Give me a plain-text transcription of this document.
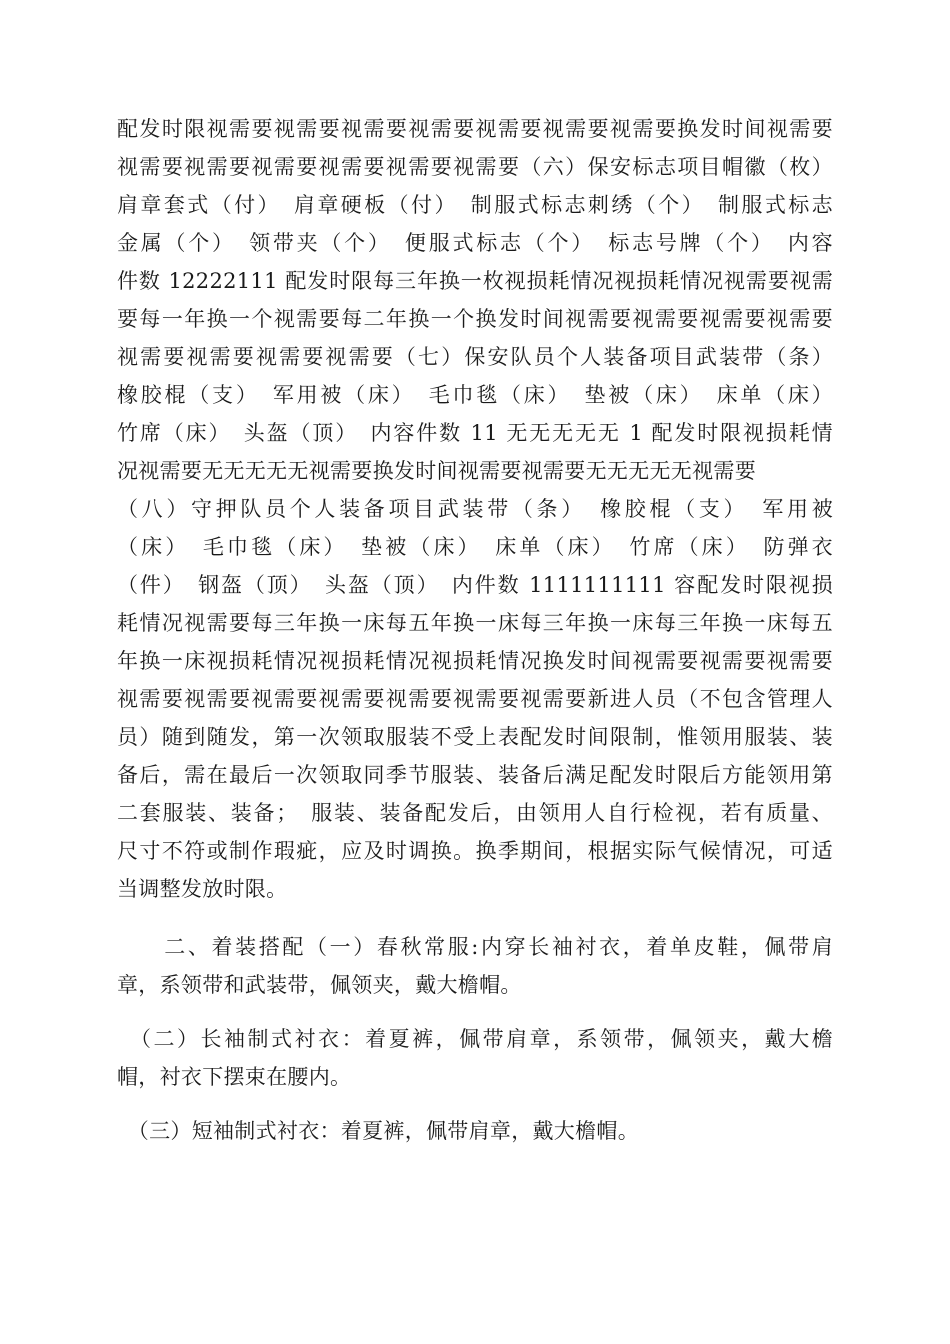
配发时限视需要视需要视需要视需要视需要视需要视需要换发时间视需要
视需要视需要视需要视需要视需要视需要（六）保安标志项目帽徽（枚）
肩章套式（付）　肩章硬板（付）　制服式标志刺绣（个）　制服式标志
金属（个）　领带夹（个）　便服式标志（个）　标志号牌（个）　内容
件数 12222111 配发时限每三年换一枚视损耗情况视损耗情况视需要视需
要每一年换一个视需要每二年换一个换发时间视需要视需要视需要视需要
视需要视需要视需要视需要（七）保安队员个人装备项目武装带（条）
橡胶棍（支）　军用被（床）　毛巾毯（床）　垫被（床）　床单（床）
竹席（床）　头盔（顶）　内容件数 11 无无无无无 1 配发时限视损耗情
况视需要无无无无无视需要换发时间视需要视需要无无无无无视需要
（八）守押队员个人装备项目武装带（条）　橡胶棍（支）　军用被
（床）　毛巾毯（床）　垫被（床）　床单（床）　竹席（床）　防弹衣
（件）　钢盔（顶）　头盔（顶）　内件数 1111111111 容配发时限视损
耗情况视需要每三年换一床每五年换一床每三年换一床每三年换一床每五
年换一床视损耗情况视损耗情况视损耗情况换发时间视需要视需要视需要
视需要视需要视需要视需要视需要视需要视需要新进人员（不包含管理人
员）随到随发，第一次领取服装不受上表配发时间限制，惟领用服装、装
备后，需在最后一次领取同季节服装、装备后满足配发时限后方能领用第
二套服装、装备；　服装、装备配发后，由领用人自行检视，若有质量、
尺寸不符或制作瑕疵，应及时调换。换季期间，根据实际气候情况，可适
当调整发放时限。
　　二、着装搭配（一）春秋常服:内穿长袖衬衣，着单皮鞋，佩带肩
章，系领带和武装带，佩领夹，戴大檐帽。
　（二）长袖制式衬衣：着夏裤，佩带肩章，系领带，佩领夹，戴大檐
帽，衬衣下摆束在腰内。
　（三）短袖制式衬衣：着夏裤，佩带肩章，戴大檐帽。
